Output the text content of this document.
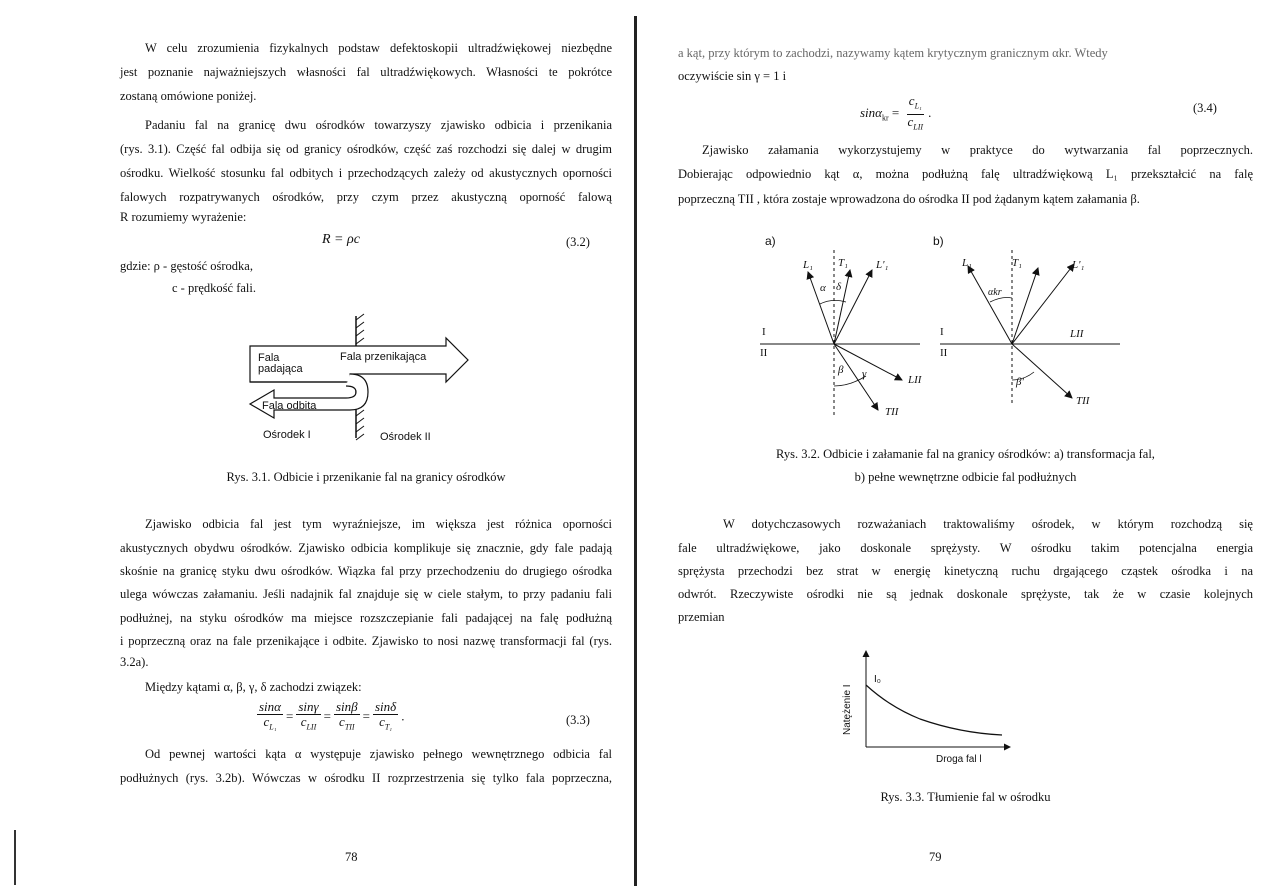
W celu zrozumienia fizykalnych podstaw defektoskopii ultradźwiękowej niezbędne
jest poznanie najważniejszych własności fal ultradźwiękowych. Własności te pokrótce
zostaną omówione poniżej.
Padaniu fal na granicę dwu ośrodków towarzyszy zjawisko odbicia i przenikania
(rys. 3.1). Część fal odbija się od granicy ośrodków, część zaś rozchodzi się dalej w drugim
ośrodku. Wielkość stosunku fal odbitych i przechodzących zależy od akustycznych oporności
falowych rozpatrywanych ośrodków, przy czym przez akustyczną oporność falową
R rozumiemy wyrażenie:
R = ρc	(3.2)
gdzie: ρ - gęstość ośrodka,
c - prędkość fali.
Fala
padająca
Fala przenikająca
Fala odbita
Ośrodek I	Ośrodek II
Rys. 3.1. Odbicie i przenikanie fal na granicy ośrodków
Zjawisko odbicia fal jest tym wyraźniejsze, im większa jest różnica oporności
akustycznych obydwu ośrodków. Zjawisko odbicia komplikuje się znacznie, gdy fale padają
skośnie na granicę styku dwu ośrodków. Wiązka fal przy przechodzeniu do drugiego ośrodka
ulega wówczas załamaniu. Jeśli nadajnik fal znajduje się w ciele stałym, to przy padaniu fali
podłużnej, na styku ośrodków ma miejsce rozszczepianie fali padającej na falę podłużną
i poprzeczną oraz na fale przenikające i odbite. Zjawisko to nosi nazwę transformacji fal (rys.
3.2a).
Między kątami α, β, γ, δ zachodzi związek:
$\frac{\sin\alpha}{c_{L_1}} = \frac{\sin\gamma}{c_{LII}} = \frac{\sin\beta}{c_{TII}} = \frac{\sin\delta}{c_{T_1}}$ .	(3.3)
Od pewnej wartości kąta α występuje zjawisko pełnego wewnętrznego odbicia fal
podłużnych (rys. 3.2b). Wówczas w ośrodku II rozprzestrzenia się tylko fala poprzeczna,
78
a kąt, przy którym to zachodzi, nazywamy kątem krytycznym granicznym αkr. Wtedy
oczywiście sin γ = 1 i
$\sin\alpha_{kr} = \frac{c_{L_1}}{c_{LII}}$ .	(3.4)
Zjawisko załamania wykorzystujemy w praktyce do wytwarzania fal poprzecznych.
Dobierając odpowiednio kąt α, można podłużną falę ultradźwiękową L₁ przekształcić na falę
poprzeczną TII , która zostaje wprowadzona do ośrodka II pod żądanym kątem załamania β.
a)	b)
L₁ T₁	L'₁
α δ
I
II
β γ	LII
TII
L₁	T₁	L'₁
αkr
I
II
LII
β'
TII
Rys. 3.2. Odbicie i załamanie fal na granicy ośrodków: a) transformacja fal,
b) pełne wewnętrzne odbicie fal podłużnych
W dotychczasowych rozważaniach traktowaliśmy ośrodek, w którym rozchodzą się
fale ultradźwiękowe, jako doskonale sprężysty. W ośrodku takim potencjalna energia
sprężysta przechodzi bez strat w energię kinetyczną ruchu drgającego cząstek ośrodka i na
odwrót. Rzeczywiste ośrodki nie są jednak doskonale sprężyste, tak że w czasie kolejnych
przemian
Natężenie I
I₀
Droga fal l
Rys. 3.3. Tłumienie fal w ośrodku
79
